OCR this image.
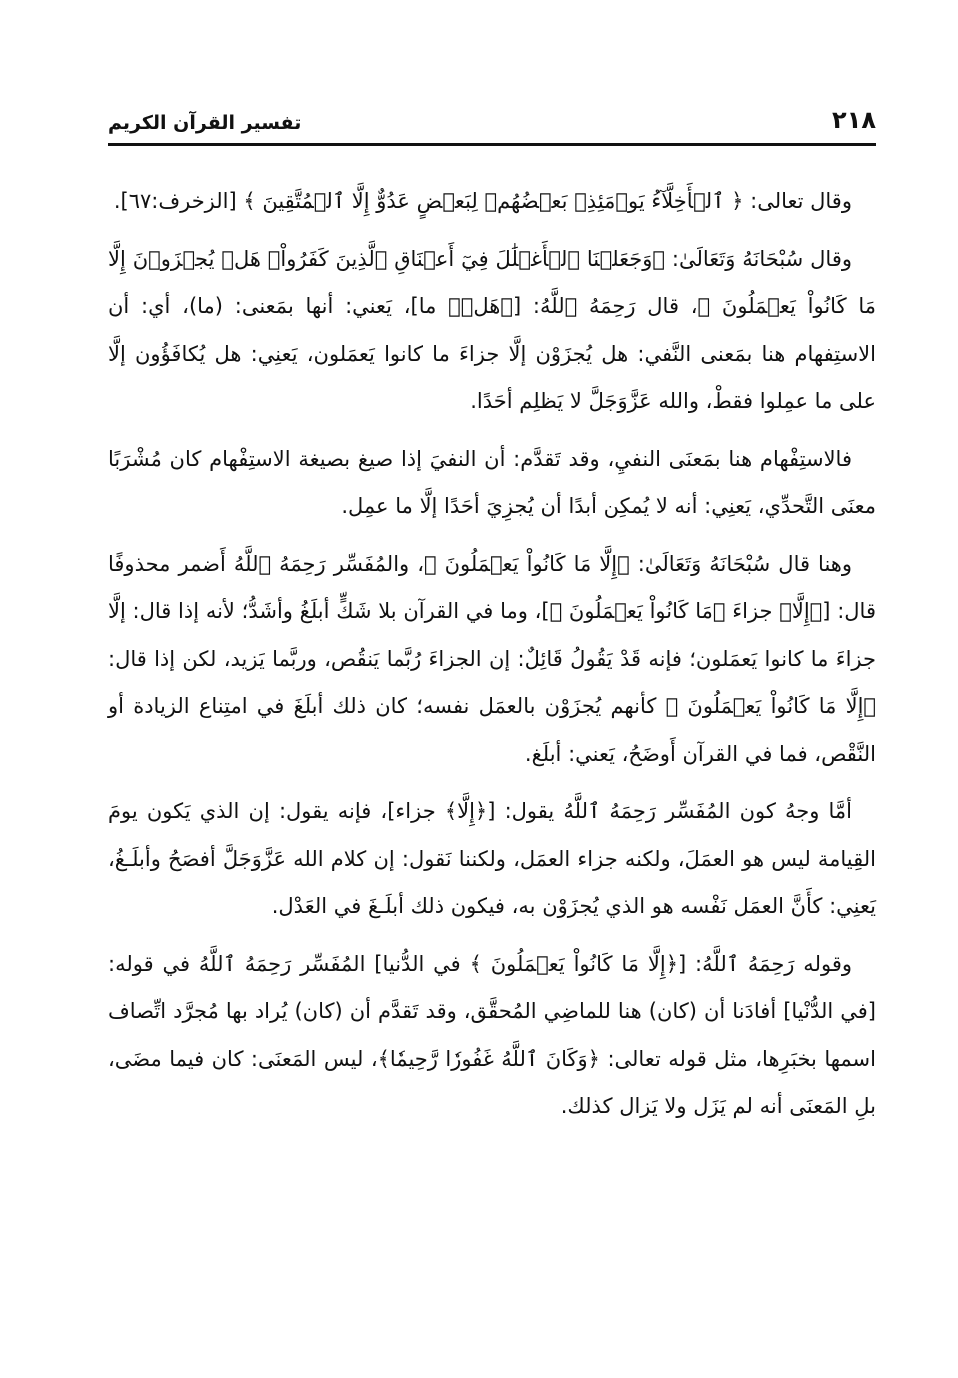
٢١٨
تفسير القرآن الكريم

وقال تعالى: ﴿ ٱلۡأَخِلَّآءُ يَوۡمَئِذِۭ بَعۡضُهُمۡ لِبَعۡضٍ عَدُوٌّ إِلَّا ٱلۡمُتَّقِينَ ﴾ [الزخرف:٦٧].

وقال سُبْحَانَهُ وَتَعَالَىٰ: ﴿وَجَعَلۡنَا ٱلۡأَغۡلَٰلَ فِيٓ أَعۡنَاقِ ٱلَّذِينَ كَفَرُواْۚ هَلۡ يُجۡزَوۡنَ إِلَّا مَا كَانُواْ يَعۡمَلُونَ ﴾، قال رَحِمَهُ ٱللَّهُ: [﴿هَلۡ﴾ ما]، يَعني: أنها بمَعنى: (ما)، أي: أن الاستِفهام هنا بمَعنى النَّفي: هل يُجزَوْن إلَّا جزاءَ ما كانوا يَعمَلون، يَعنِي: هل يُكافَؤُون إلَّا على ما عمِلوا فقطْ، والله عَزَّوَجَلَّ لا يَظلِم أحَدًا.

فالاستِفْهام هنا بمَعنَى النفيِ، وقد تَقدَّم: أن النفيَ إذا صيغ بصيغة الاستِفْهام كان مُشْرَبًا معنَى التَّحدِّي، يَعنِي: أنه لا يُمكِن أبدًا أن يُجزِيَ أحَدًا إلَّا ما عمِل.

وهنا قال سُبْحَانَهُ وَتَعَالَىٰ: ﴿إِلَّا مَا كَانُواْ يَعۡمَلُونَ ﴾، والمُفَسِّر رَحِمَهُ ٱللَّهُ أَضمر محذوفًا قال: [﴿إِلَّا﴾ جزاءَ ﴿مَا كَانُواْ يَعۡمَلُونَ ﴾]، وما في القرآن بلا شَكٍّ أبلَغُ وأشَدُّ؛ لأنه إذا قال: إلَّا جزاءَ ما كانوا يَعمَلون؛ فإنه قَدْ يَقُولُ قَائِلٌ: إن الجزاءَ رُبَّما يَنقُص، وربَّما يَزيد، لكن إذا قال: ﴿إِلَّا مَا كَانُواْ يَعۡمَلُونَ ﴾ كأنهم يُجزَوْن بالعمَل نفسه؛ كان ذلك أبلَغَ في امتِناع الزيادة أو النَّقْص، فما في القرآن أَوضَحُ، يَعني: أبلَغ.

أمَّا وجهُ كون المُفَسِّر رَحِمَهُ ٱللَّهُ يقول: [﴿إِلَّا﴾ جزاء]، فإنه يقول: إن الذي يَكون يومَ القِيامة ليس هو العمَلَ، ولكنه جزاء العمَل، ولكننا نَقول: إن كلام الله عَزَّوَجَلَّ أفصَحُ وأبلَـغُ، يَعنِي: كأَنَّ العمَل نَفْسه هو الذي يُجزَوْن به، فيكون ذلك أبلَـغَ في العَدْل.

وقوله رَحِمَهُ ٱللَّهُ: [﴿إِلَّا مَا كَانُواْ يَعۡمَلُونَ ﴾ في الدُّنيا] المُفَسِّر رَحِمَهُ ٱللَّهُ في قوله: [في الدُّنْيا] أفادَنا أن (كان) هنا للماضِي المُحقَّق، وقد تَقدَّم أن (كان) يُراد بها مُجرَّد اتِّصاف اسمها بخبَرِها، مثل قوله تعالى: ﴿وَكَانَ ٱللَّهُ غَفُورٗا رَّحِيمٗا﴾، ليس المَعنَى: كان فيما مضَى، بلِ المَعنَى أنه لم يَزَل ولا يَزال كذلك.
